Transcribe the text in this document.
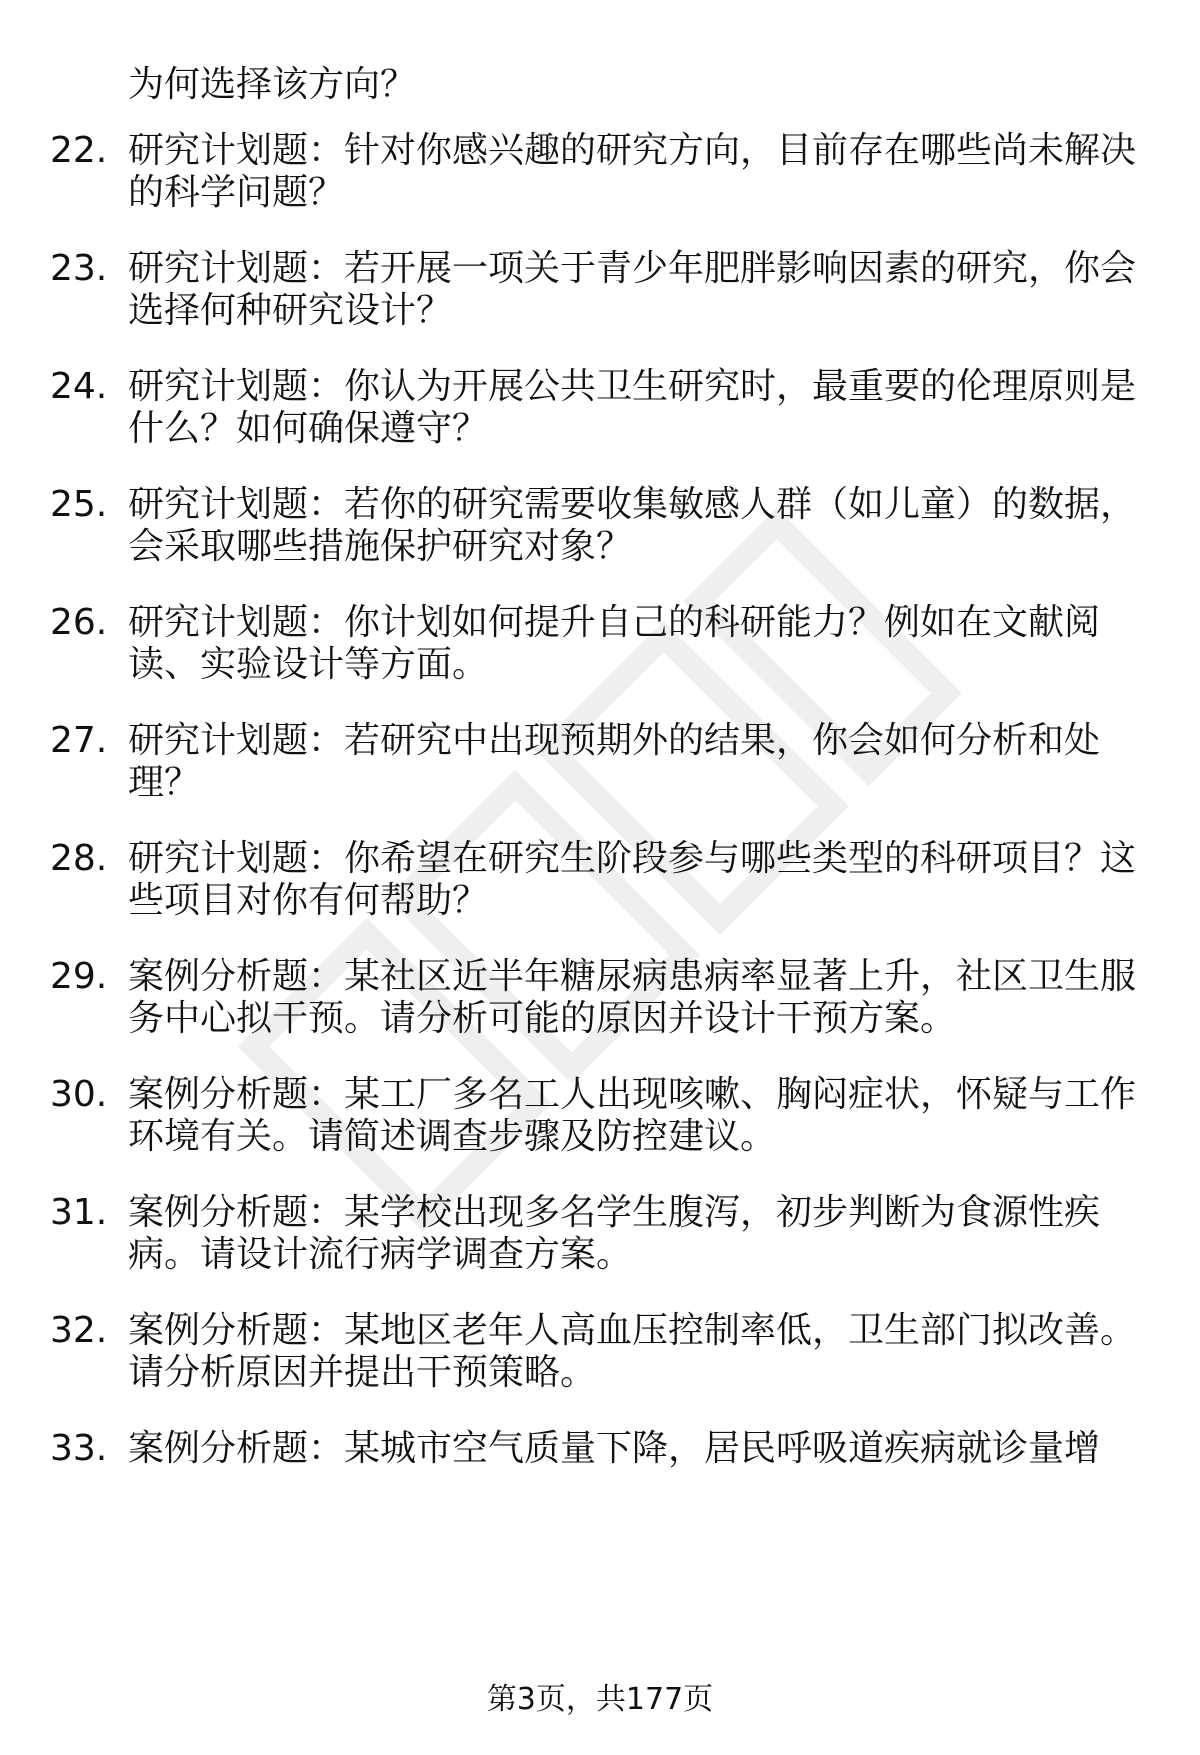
为何选择该方向？
22. 研究计划题：针对你感兴趣的研究方向，目前存在哪些尚未解决
的科学问题？
23. 研究计划题：若开展一项关于青少年肥胖影响因素的研究，你会
选择何种研究设计？
24. 研究计划题：你认为开展公共卫生研究时，最重要的伦理原则是
什么？如何确保遵守？
25. 研究计划题：若你的研究需要收集敏感人群（如儿童）的数据，
会采取哪些措施保护研究对象？
26. 研究计划题：你计划如何提升自己的科研能力？例如在文献阅
读、实验设计等方面。
27. 研究计划题：若研究中出现预期外的结果，你会如何分析和处
理？
28. 研究计划题：你希望在研究生阶段参与哪些类型的科研项目？这
些项目对你有何帮助？
29. 案例分析题：某社区近半年糖尿病患病率显著上升，社区卫生服
务中心拟干预。请分析可能的原因并设计干预方案。
30. 案例分析题：某工厂多名工人出现咳嗽、胸闷症状，怀疑与工作
环境有关。请简述调查步骤及防控建议。
31. 案例分析题：某学校出现多名学生腹泻，初步判断为食源性疾
病。请设计流行病学调查方案。
32. 案例分析题：某地区老年人高血压控制率低，卫生部门拟改善。
请分析原因并提出干预策略。
33. 案例分析题：某城市空气质量下降，居民呼吸道疾病就诊量增
第3页，共177页
